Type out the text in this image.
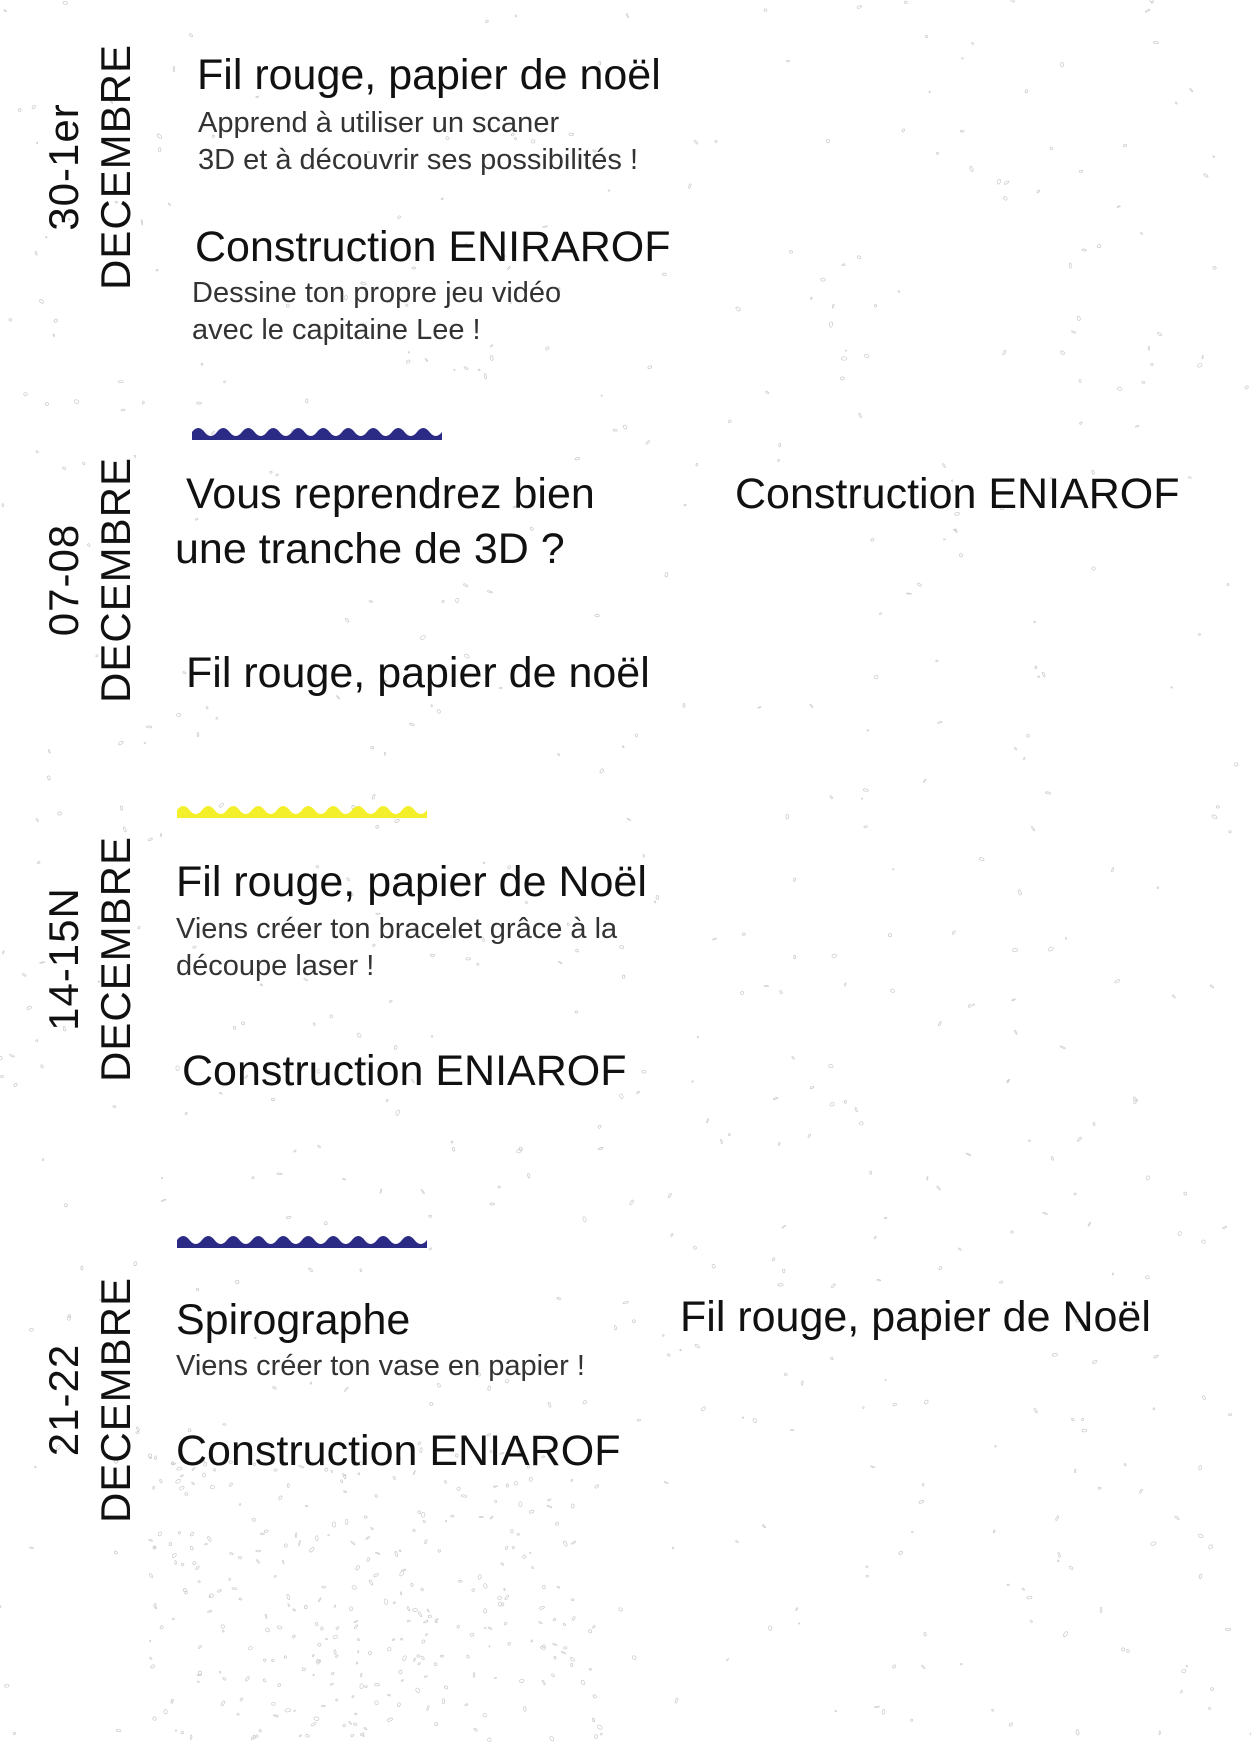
30-1er DECEMBRE Fil rouge, papier de noël
Apprend à utiliser un scaner
3D et à découvrir ses possibilités !
Construction ENIRAROF
Dessine ton propre jeu vidéo
avec le capitaine Lee !
07-08 DECEMBRE Vous reprendrez bien
une tranche de 3D ?
Construction ENIAROF
Fil rouge, papier de noël
14-15N DECEMBRE Fil rouge, papier de Noël
Viens créer ton bracelet grâce à la
découpe laser !
Construction ENIAROF
21-22 DECEMBRE Spirographe
Viens créer ton vase en papier !
Fil rouge, papier de Noël
Construction ENIAROF
